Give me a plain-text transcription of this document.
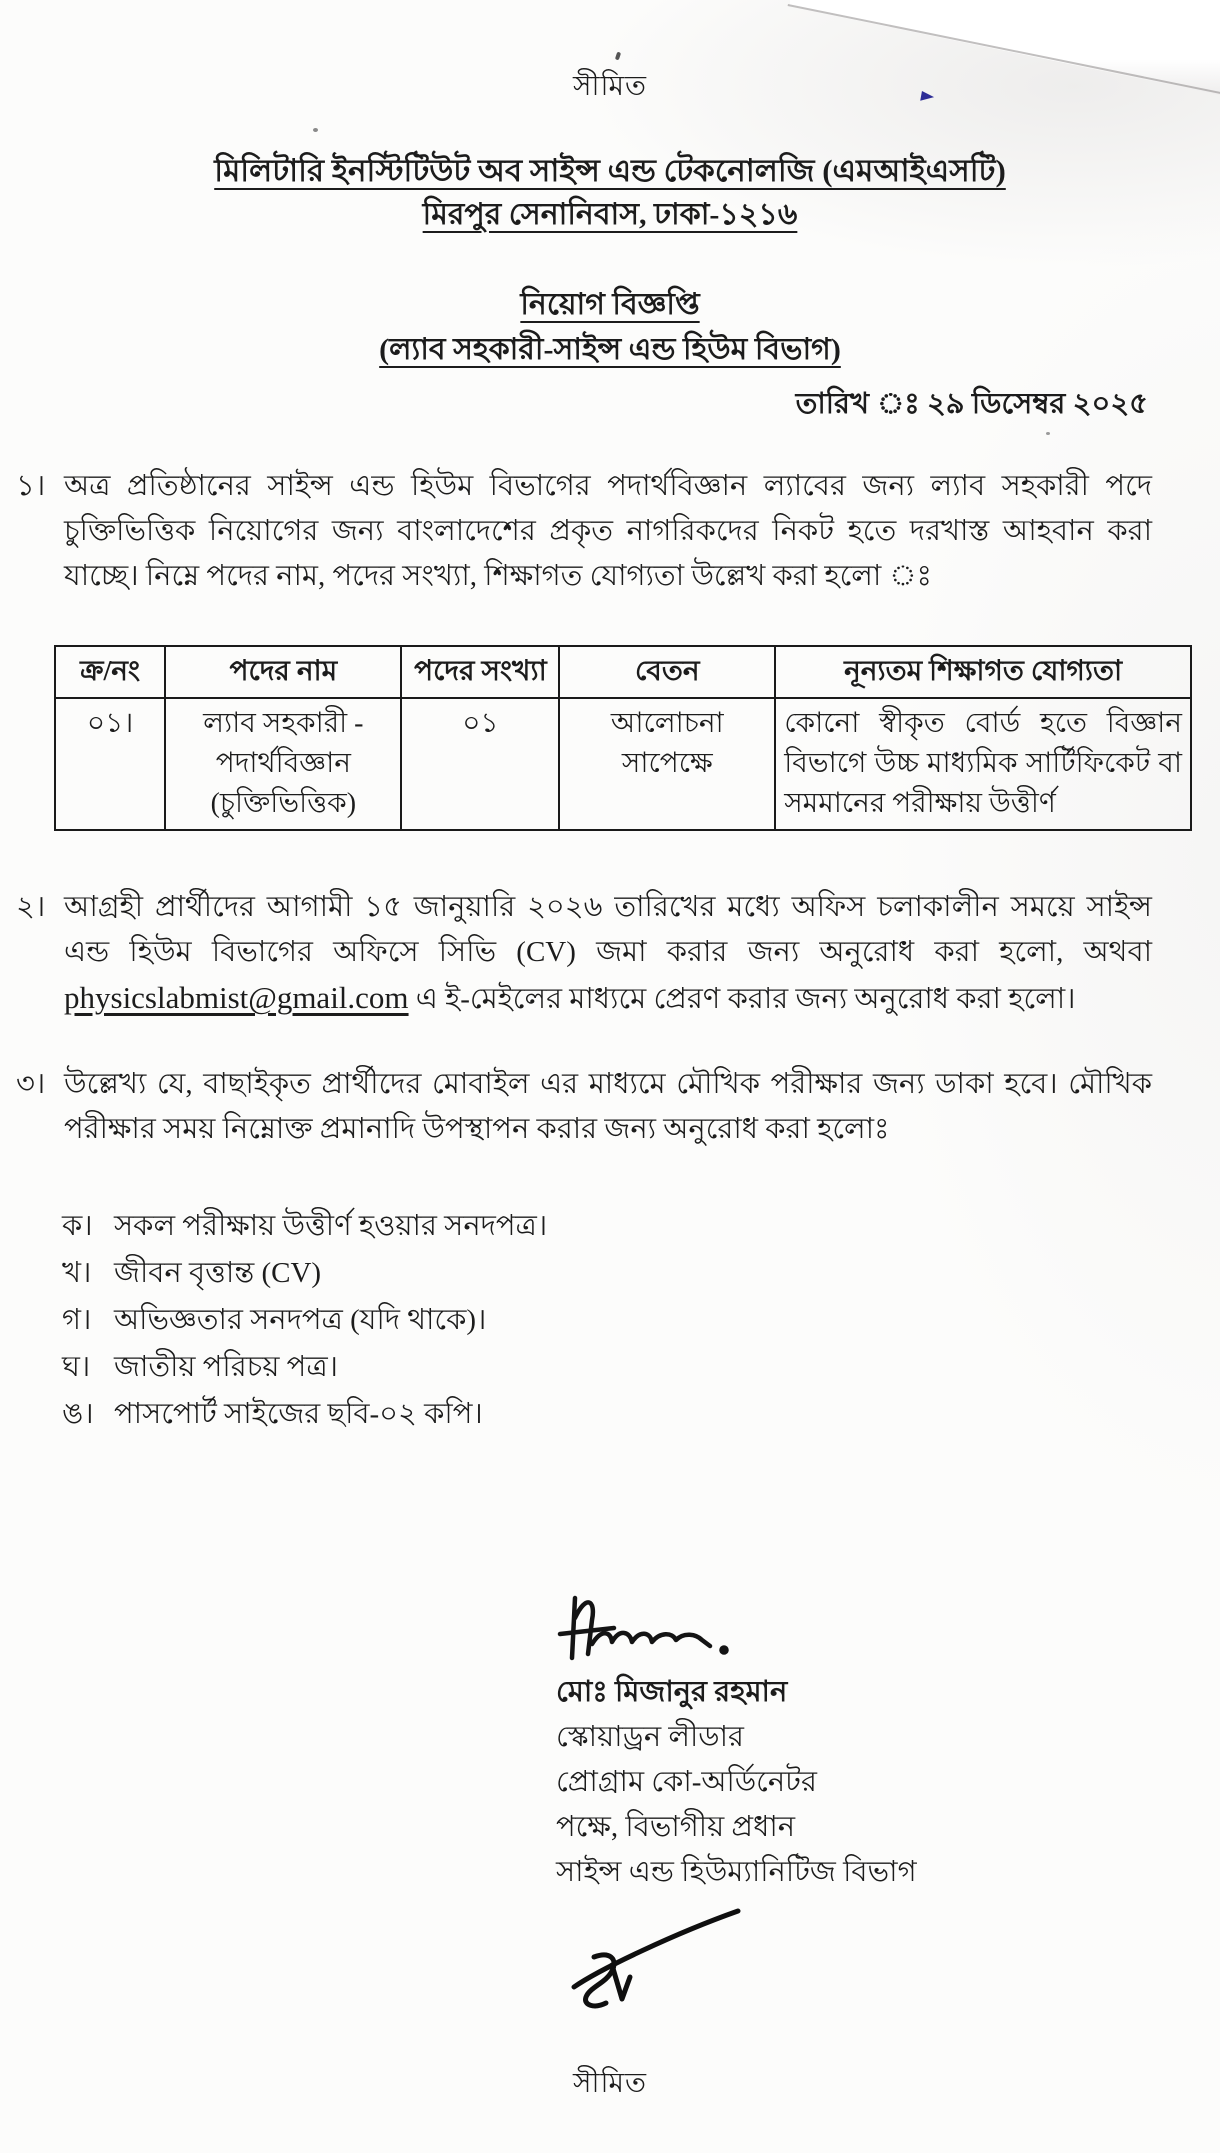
সীমিত
মিলিটারি ইনস্টিটিউট অব সাইন্স এন্ড টেকনোলজি (এমআইএসটি)
মিরপুর সেনানিবাস, ঢাকা-১২১৬
নিয়োগ বিজ্ঞপ্তি
(ল্যাব সহকারী-সাইন্স এন্ড হিউম বিভাগ)
তারিখ ঃ ২৯ ডিসেম্বর ২০২৫
১। অত্র প্রতিষ্ঠানের সাইন্স এন্ড হিউম বিভাগের পদার্থবিজ্ঞান ল্যাবের জন্য ল্যাব সহকারী পদে চুক্তিভিত্তিক নিয়োগের জন্য বাংলাদেশের প্রকৃত নাগরিকদের নিকট হতে দরখাস্ত আহবান করা যাচ্ছে। নিম্নে পদের নাম, পদের সংখ্যা, শিক্ষাগত যোগ্যতা উল্লেখ করা হলো ঃ
ক্র/নং	পদের নাম	পদের সংখ্যা	বেতন	নূন্যতম শিক্ষাগত যোগ্যতা
০১।	ল্যাব সহকারী - পদার্থবিজ্ঞান (চুক্তিভিত্তিক)	০১	আলোচনা সাপেক্ষে	কোনো স্বীকৃত বোর্ড হতে বিজ্ঞান বিভাগে উচ্চ মাধ্যমিক সার্টিফিকেট বা সমমানের পরীক্ষায় উত্তীর্ণ
২। আগ্রহী প্রার্থীদের আগামী ১৫ জানুয়ারি ২০২৬ তারিখের মধ্যে অফিস চলাকালীন সময়ে সাইন্স এন্ড হিউম বিভাগের অফিসে সিভি (CV) জমা করার জন্য অনুরোধ করা হলো, অথবা physicslabmist@gmail.com এ ই-মেইলের মাধ্যমে প্রেরণ করার জন্য অনুরোধ করা হলো।
৩। উল্লেখ্য যে, বাছাইকৃত প্রার্থীদের মোবাইল এর মাধ্যমে মৌখিক পরীক্ষার জন্য ডাকা হবে। মৌখিক পরীক্ষার সময় নিম্নোক্ত প্রমানাদি উপস্থাপন করার জন্য অনুরোধ করা হলোঃ
ক। সকল পরীক্ষায় উত্তীর্ণ হওয়ার সনদপত্র।
খ। জীবন বৃত্তান্ত (CV)
গ। অভিজ্ঞতার সনদপত্র (যদি থাকে)।
ঘ। জাতীয় পরিচয় পত্র।
ঙ। পাসপোর্ট সাইজের ছবি-০২ কপি।
মোঃ মিজানুর রহমান
স্কোয়াড্রন লীডার
প্রোগ্রাম কো-অর্ডিনেটর
পক্ষে, বিভাগীয় প্রধান
সাইন্স এন্ড হিউম্যানিটিজ বিভাগ
সীমিত
